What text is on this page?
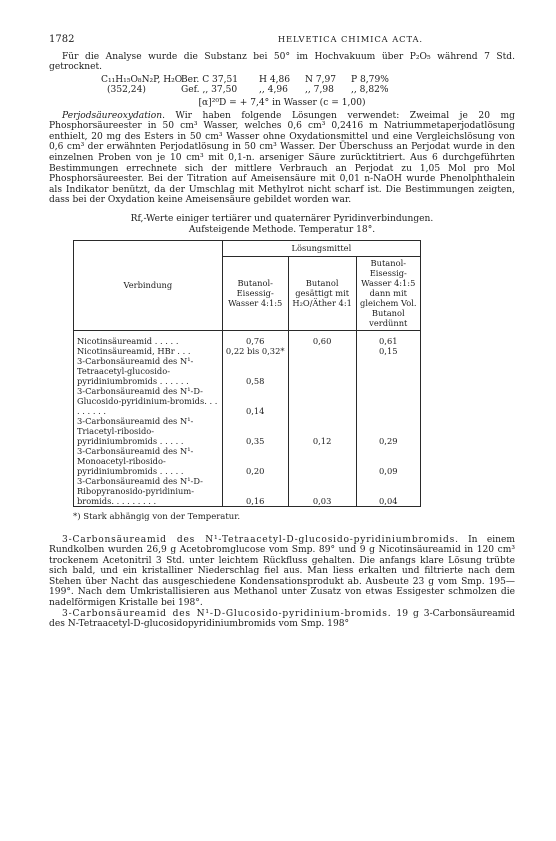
1782	HELVETICA CHIMICA ACTA.

Für die Analyse wurde die Substanz bei 50° im Hochvakuum über P₂O₅ während 7 Std. getrocknet.

C₁₁H₁₅O₈N₂P, H₂O
Ber. C 37,51	H 4,86	N 7,97	P 8,79%
(352,24)	Gef. ,, 37,50	,, 4,96	,, 7,98	,, 8,82%
[α]²⁰D = + 7,4° in Wasser (c = 1,00)

Perjodsäureoxydation. Wir haben folgende Lösungen verwendet: Zweimal je 20 mg Phosphorsäureester in 50 cm³ Wasser, welches 0,6 cm³ 0,2416 m Natriummetaperjodatlösung enthielt, 20 mg des Esters in 50 cm³ Wasser ohne Oxydationsmittel und eine Vergleichslösung von 0,6 cm³ der erwähnten Perjodatlösung in 50 cm³ Wasser. Der Überschuss an Perjodat wurde in den einzelnen Proben von je 10 cm³ mit 0,1-n. arseniger Säure zurücktitriert. Aus 6 durchgeführten Bestimmungen errechnete sich der mittlere Verbrauch an Perjodat zu 1,05 Mol pro Mol Phosphorsäureester. Bei der Titration auf Ameisensäure mit 0,01 n-NaOH wurde Phenolphthalein als Indikator benützt, da der Umschlag mit Methylrot nicht scharf ist. Die Bestimmungen zeigten, dass bei der Oxydation keine Ameisensäure gebildet worden war.

Rf,-Werte einiger tertiärer und quaternärer Pyridinverbindungen.
Aufsteigende Methode. Temperatur 18°.
Verbindung	Lösungsmittel		
	Butanol-Eisessig-Wasser 4:1:5	Butanol gesättigt mit H₂O/Äther 4:1	Butanol-Eisessig-Wasser 4:1:5 dann mit gleichem Vol. Butanol verdünnt
Nicotinsäureamid . . . . .	0,76	0,60	0,61
Nicotinsäureamid, HBr . . .	0,22 bis 0,32*		0,15
3-Carbonsäureamid des N¹-Tetraacetyl-glucosido-pyridiniumbromids . . . . . .	0,58		
3-Carbonsäureamid des N¹-D-Glucosido-pyridinium-bromids. . . . . . . . .	0,14		
3-Carbonsäureamid des N¹-Triacetyl-ribosido-pyridiniumbromids . . . . .	0,35	0,12	0,29
3-Carbonsäureamid des N¹-Monoacetyl-ribosido-pyridiniumbromids . . . . .	0,20		0,09
3-Carbonsäureamid des N¹-D-Ribopyranosido-pyridinium-bromids. . . . . . . . .	0,16	0,03	0,04
*) Stark abhängig von der Temperatur.

3-Carbonsäureamid des N¹-Tetraacetyl-D-glucosido-pyridiniumbromids. In einem Rundkolben wurden 26,9 g Acetobromglucose vom Smp. 89° und 9 g Nicotinsäureamid in 120 cm³ trockenem Acetonitril 3 Std. unter leichtem Rückfluss gehalten. Die anfangs klare Lösung trübte sich bald, und ein kristalliner Niederschlag fiel aus. Man liess erkalten und filtrierte nach dem Stehen über Nacht das ausgeschiedene Kondensationsprodukt ab. Ausbeute 23 g vom Smp. 195—199°. Nach dem Umkristallisieren aus Methanol unter Zusatz von etwas Essigester schmolzen die nadelförmigen Kristalle bei 198°.

3-Carbonsäureamid des N¹-D-Glucosido-pyridinium-bromids. 19 g 3-Carbonsäureamid des N-Tetraacetyl-D-glucosidopyridiniumbromids vom Smp. 198°
